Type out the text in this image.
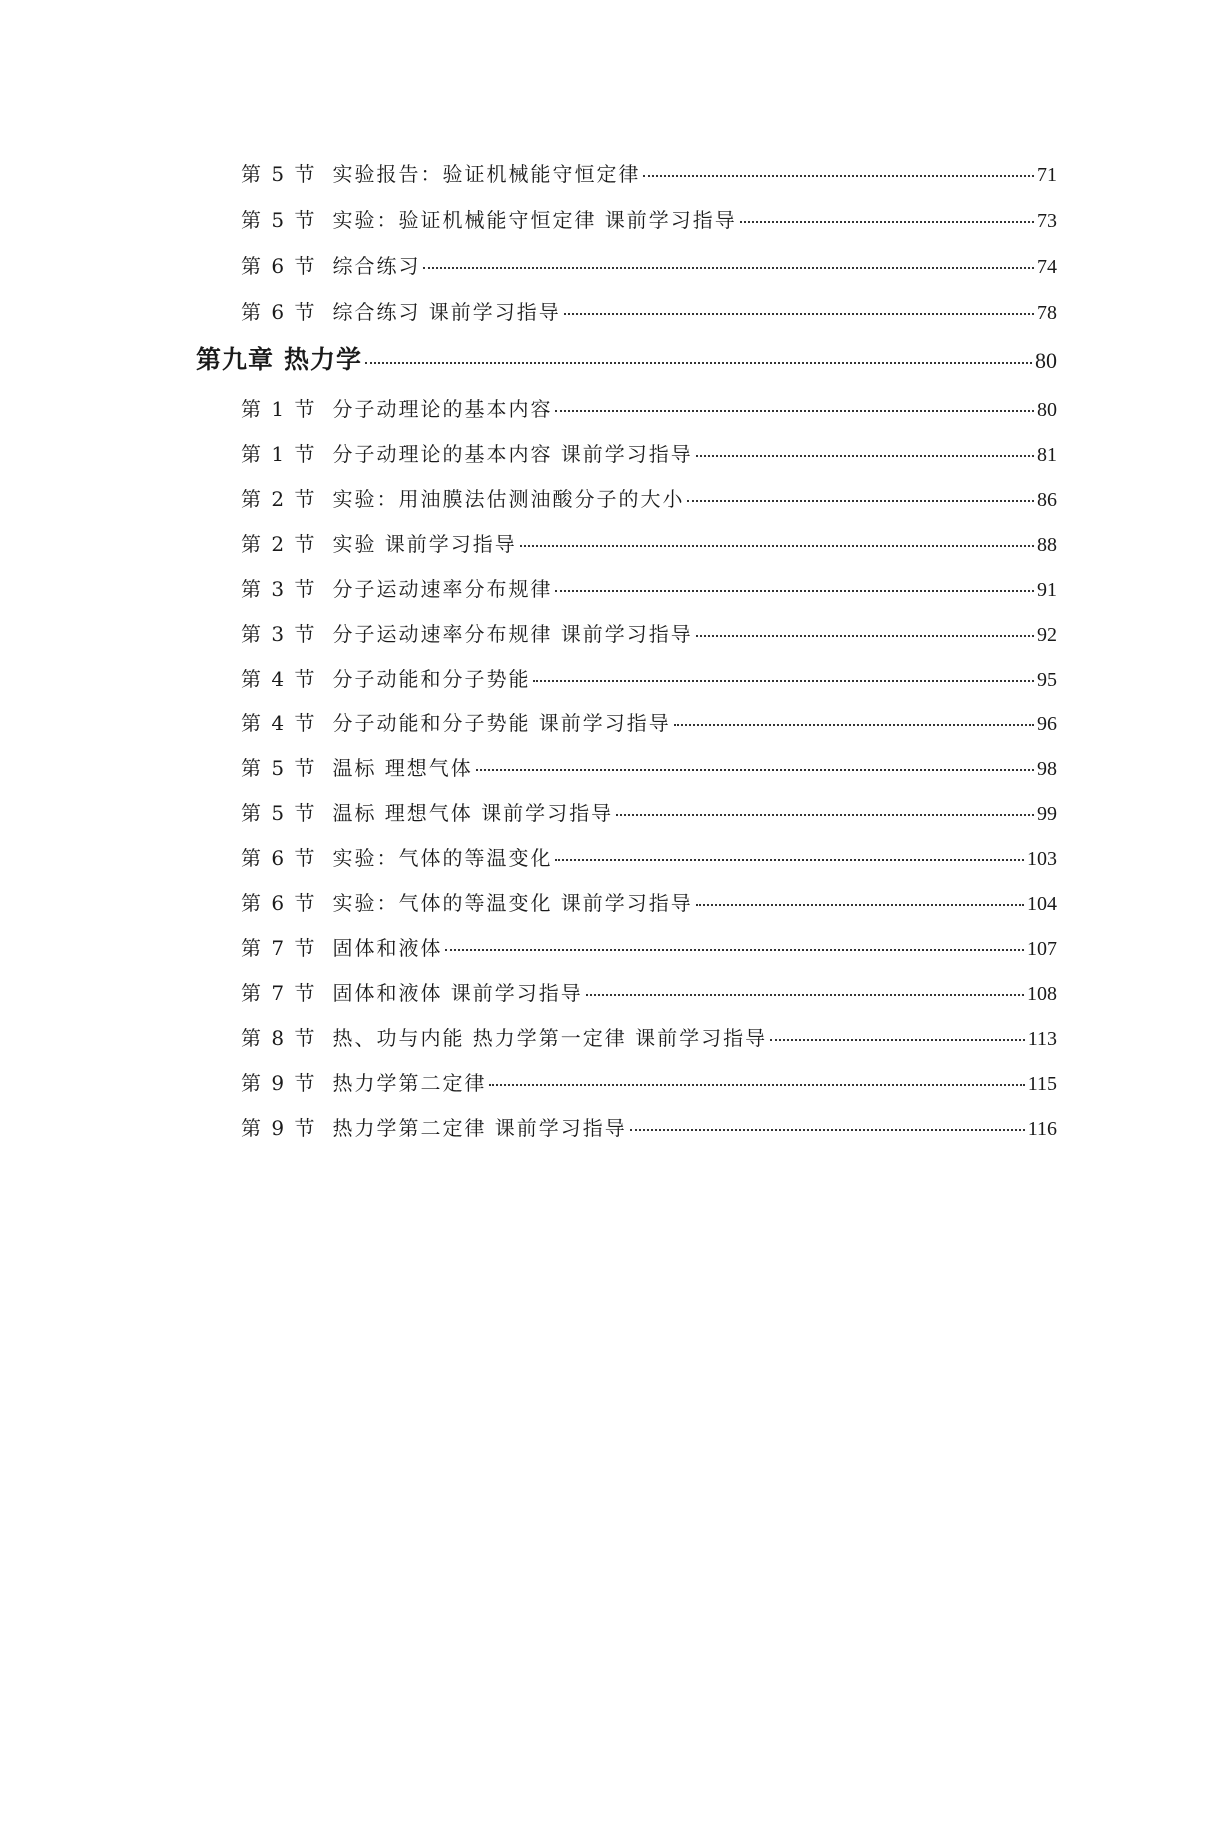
第 5 节 实验报告：验证机械能守恒定律	71
第 5 节 实验：验证机械能守恒定律 课前学习指导	73
第 6 节 综合练习	74
第 6 节 综合练习 课前学习指导	78
第九章 热力学	80
第 1 节 分子动理论的基本内容	80
第 1 节 分子动理论的基本内容 课前学习指导	81
第 2 节 实验：用油膜法估测油酸分子的大小	86
第 2 节 实验 课前学习指导	88
第 3 节 分子运动速率分布规律	91
第 3 节 分子运动速率分布规律 课前学习指导	92
第 4 节 分子动能和分子势能	95
第 4 节 分子动能和分子势能 课前学习指导	96
第 5 节 温标 理想气体	98
第 5 节 温标 理想气体 课前学习指导	99
第 6 节 实验：气体的等温变化	103
第 6 节 实验：气体的等温变化 课前学习指导	104
第 7 节 固体和液体	107
第 7 节 固体和液体 课前学习指导	108
第 8 节 热、功与内能 热力学第一定律 课前学习指导	113
第 9 节 热力学第二定律	115
第 9 节 热力学第二定律 课前学习指导	116
